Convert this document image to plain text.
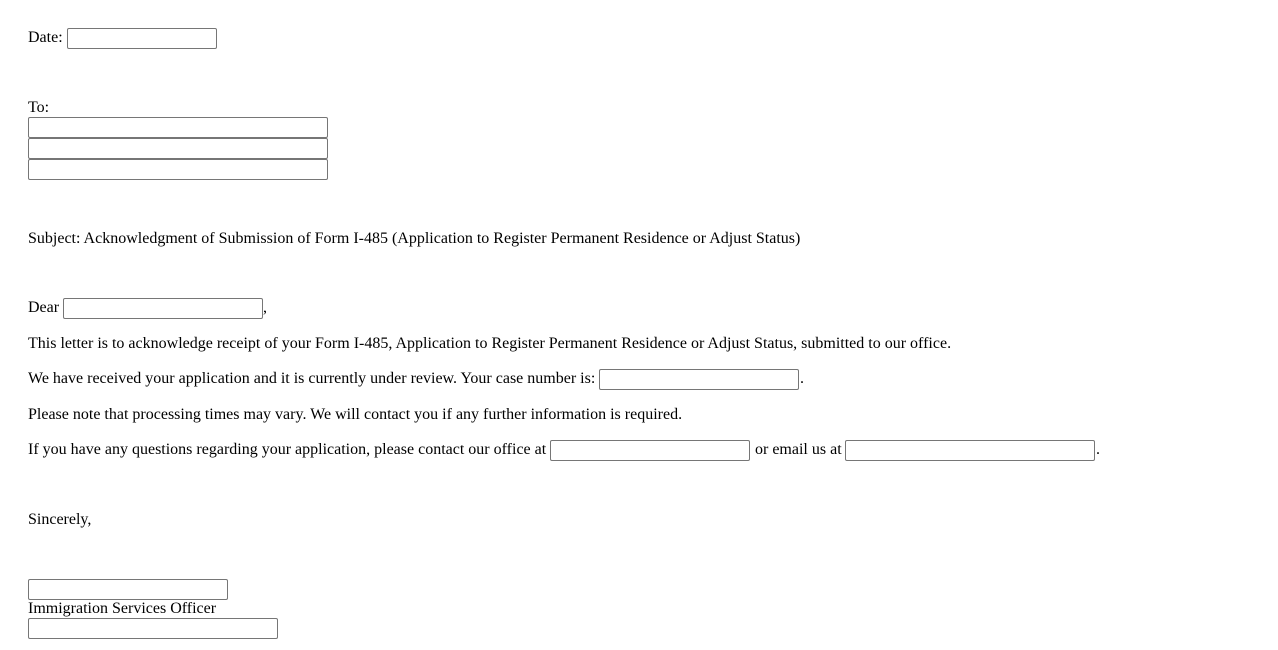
Date:
To:
Subject: Acknowledgment of Submission of Form I-485 (Application to Register Permanent Residence or Adjust Status)
Dear	,
This letter is to acknowledge receipt of your Form I-485, Application to Register Permanent Residence or Adjust Status, submitted to our office.
We have received your application and it is currently under review. Your case number is:	.
Please note that processing times may vary. We will contact you if any further information is required.
If you have any questions regarding your application, please contact our office at	or email us at	.
Sincerely,
Immigration Services Officer
